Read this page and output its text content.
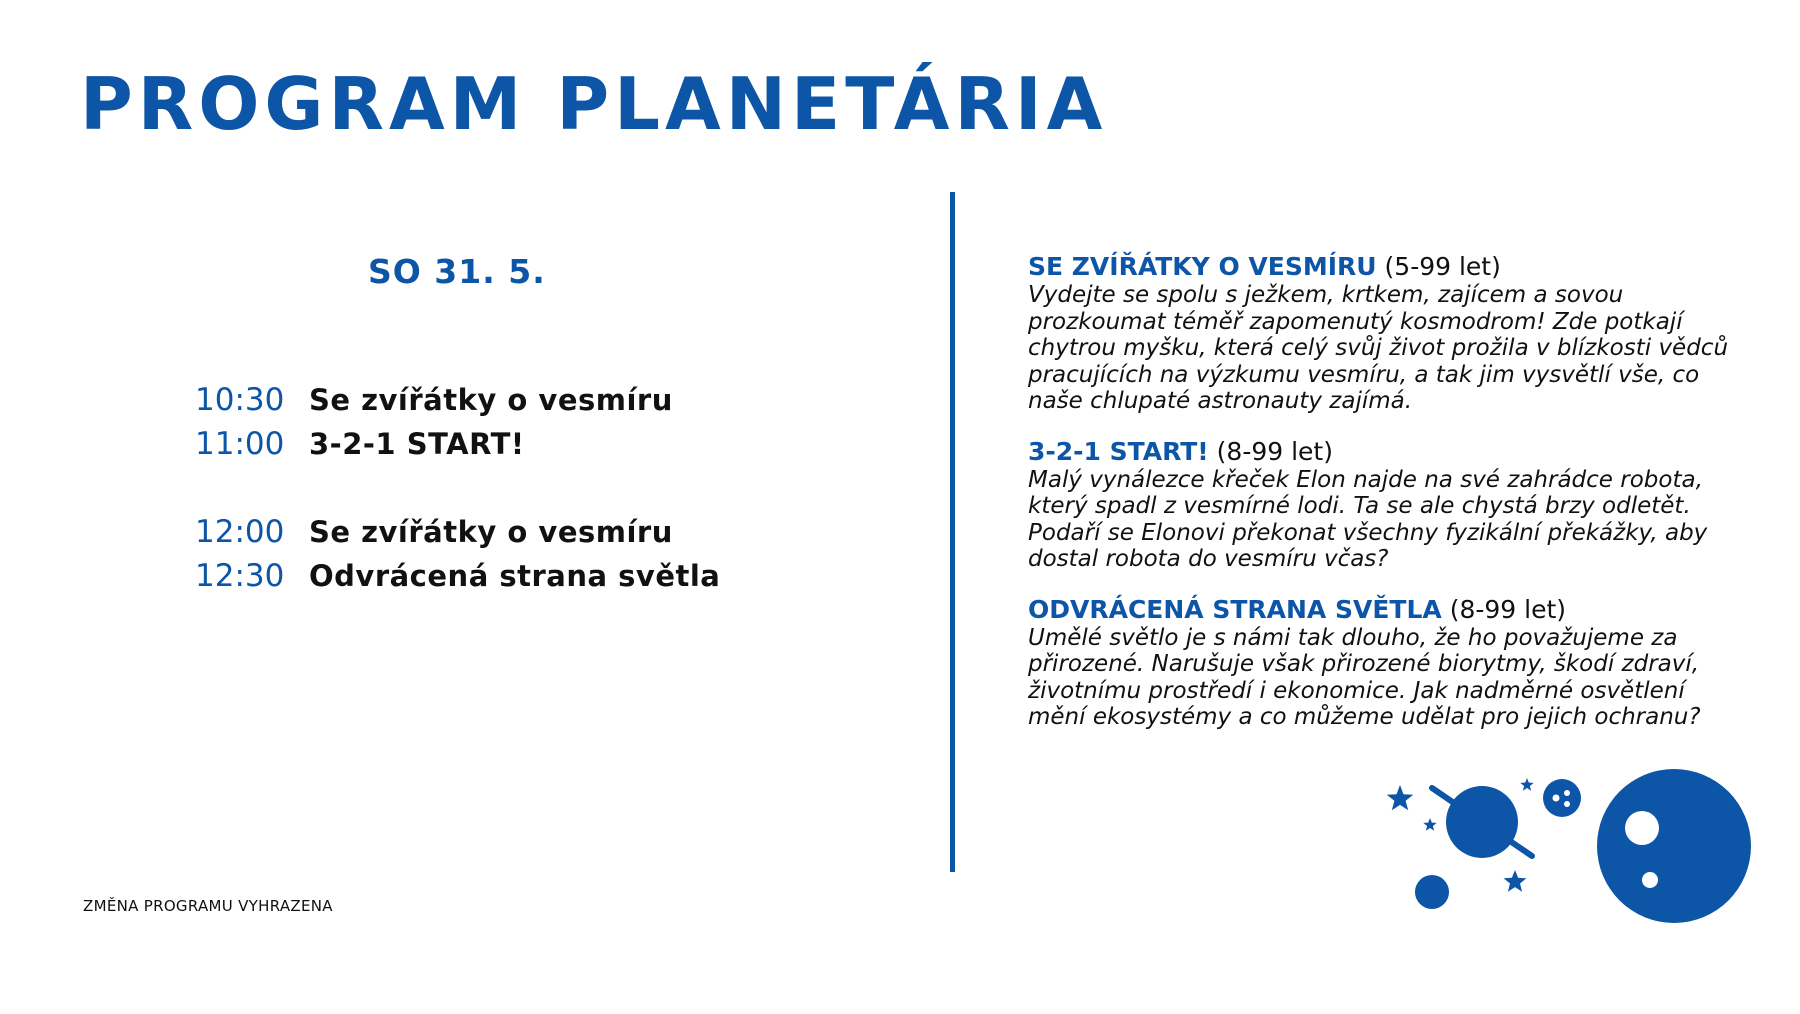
PROGRAM PLANETÁRIA
SO 31. 5.
10:30 Se zvířátky o vesmíru
11:00 3-2-1 START!
12:00 Se zvířátky o vesmíru
12:30 Odvrácená strana světla
SE ZVÍŘÁTKY O VESMÍRU (5-99 let)
Vydejte se spolu s ježkem, krtkem, zajícem a sovou prozkoumat téměř zapomenutý kosmodrom! Zde potkají chytrou myšku, která celý svůj život prožila v blízkosti vědců pracujících na výzkumu vesmíru, a tak jim vysvětlí vše, co naše chlupaté astronauty zajímá.
3-2-1 START! (8-99 let)
Malý vynálezce křeček Elon najde na své zahrádce robota, který spadl z vesmírné lodi. Ta se ale chystá brzy odletět. Podaří se Elonovi překonat všechny fyzikální překážky, aby dostal robota do vesmíru včas?
ODVRÁCENÁ STRANA SVĚTLA (8-99 let)
Umělé světlo je s námi tak dlouho, že ho považujeme za přirozené. Narušuje však přirozené biorytmy, škodí zdraví, životnímu prostředí i ekonomice. Jak nadměrné osvětlení mění ekosystémy a co můžeme udělat pro jejich ochranu?
ZMĚNA PROGRAMU VYHRAZENA
